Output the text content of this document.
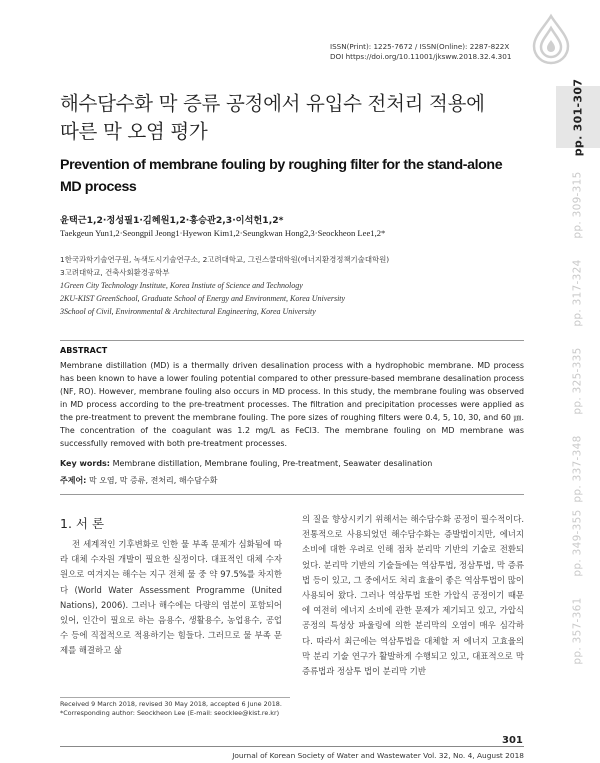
ISSN(Print): 1225-7672 / ISSN(Online): 2287-822X
DOI https://doi.org/10.11001/jksww.2018.32.4.301
pp. 301-307
pp. 309-315
pp. 317-324
pp. 325-335
pp. 337-348
pp. 349-355
pp. 357-361
해수담수화 막 증류 공정에서 유입수 전처리 적용에
따른 막 오염 평가
Prevention of membrane fouling by roughing filter for the stand-alone
MD process
윤택근1,2·정성필1·김혜원1,2·홍승관2,3·이석헌1,2*
Taekgeun Yun1,2·Seongpil Jeong1·Hyewon Kim1,2·Seungkwan Hong2,3·Seockheon Lee1,2*
1한국과학기술연구원, 녹색도시기술연구소, 2고려대학교, 그린스쿨대학원(에너지환경정책기술대학원)
3고려대학교, 건축사회환경공학부
1Green City Technology Institute, Korea Instiute of Science and Technology
2KU-KIST GreenSchool, Graduate School of Energy and Environment, Korea University
3School of Civil, Environmental & Architectural Engineering, Korea University
ABSTRACT
Membrane distillation (MD) is a thermally driven desalination process with a hydrophobic membrane. MD process has been known to have a lower fouling potential compared to other pressure-based membrane desalination process (NF, RO). However, membrane fouling also occurs in MD process. In this study, the membrane fouling was observed in MD process according to the pre-treatment processes. The filtration and precipitation processes were applied as the pre-treatment to prevent the membrane fouling. The pore sizes of roughing filters were 0.4, 5, 10, 30, and 60 ㎛. The concentration of the coagulant was 1.2 mg/L as FeCl3. The membrane fouling on MD membrane was successfully removed with both pre-treatment processes.
Key words: Membrane distillation, Membrane fouling, Pre-treatment, Seawater desalination
주제어: 막 오염, 막 증류, 전처리, 해수담수화
1. 서 론
전 세계적인 기후변화로 인한 물 부족 문제가 심화됨에 따라 대체 수자원 개발이 필요한 실정이다. 대표적인 대체 수자원으로 여겨지는 해수는 지구 전체 물 중 약 97.5%를 차지한다 (World Water Assessment Programme (United Nations), 2006). 그러나 해수에는 다량의 염분이 포함되어 있어, 인간이 필요로 하는 음용수, 생활용수, 농업용수, 공업수 등에 직접적으로 적용하기는 힘들다. 그러므로 물 부족 문제를 해결하고 삶
의 질을 향상시키기 위해서는 해수담수화 공정이 필수적이다. 전통적으로 사용되었던 해수담수화는 증발법이지만, 에너지 소비에 대한 우려로 인해 점차 분리막 기반의 기술로 전환되었다. 분리막 기반의 기술들에는 역삼투법, 정삼투법, 막 증류법 등이 있고, 그 중에서도 처리 효율이 좋은 역삼투법이 많이 사용되어 왔다. 그러나 역삼투법 또한 가압식 공정이기 때문에 여전히 에너지 소비에 관한 문제가 제기되고 있고, 가압식 공정의 특성상 파울링에 의한 분리막의 오염이 매우 심각하다. 따라서 최근에는 역삼투법을 대체할 저 에너지 고효율의 막 분리 기술 연구가 활발하게 수행되고 있고, 대표적으로 막 증류법과 정삼투 법이 분리막 기반
Received 9 March 2018, revised 30 May 2018, accepted 6 June 2018.
*Corresponding author: Seockheon Lee (E-mail: seocklee@kist.re.kr)
301
Journal of Korean Society of Water and Wastewater Vol. 32, No. 4, August 2018
